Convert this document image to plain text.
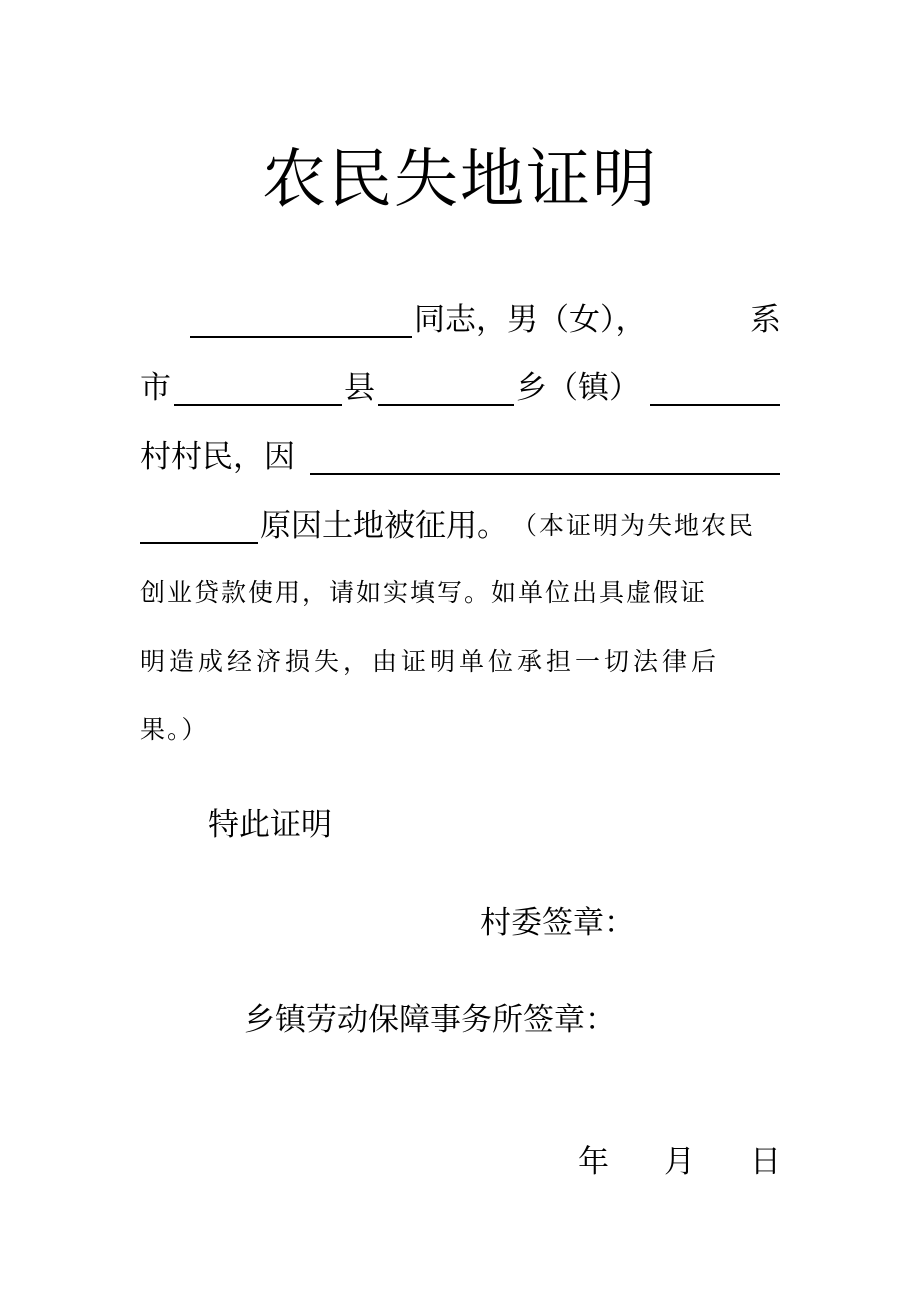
农民失地证明
同志，男（女），	系
市	县	乡（镇）
村村民，因
原因土地被征用。 （本证明为失地农民
创业贷款使用，请如实填写。如单位出具虚假证
明造成经济损失，由证明单位承担一切法律后
果。）
特此证明
村委签章：
乡镇劳动保障事务所签章：
年 月 日
